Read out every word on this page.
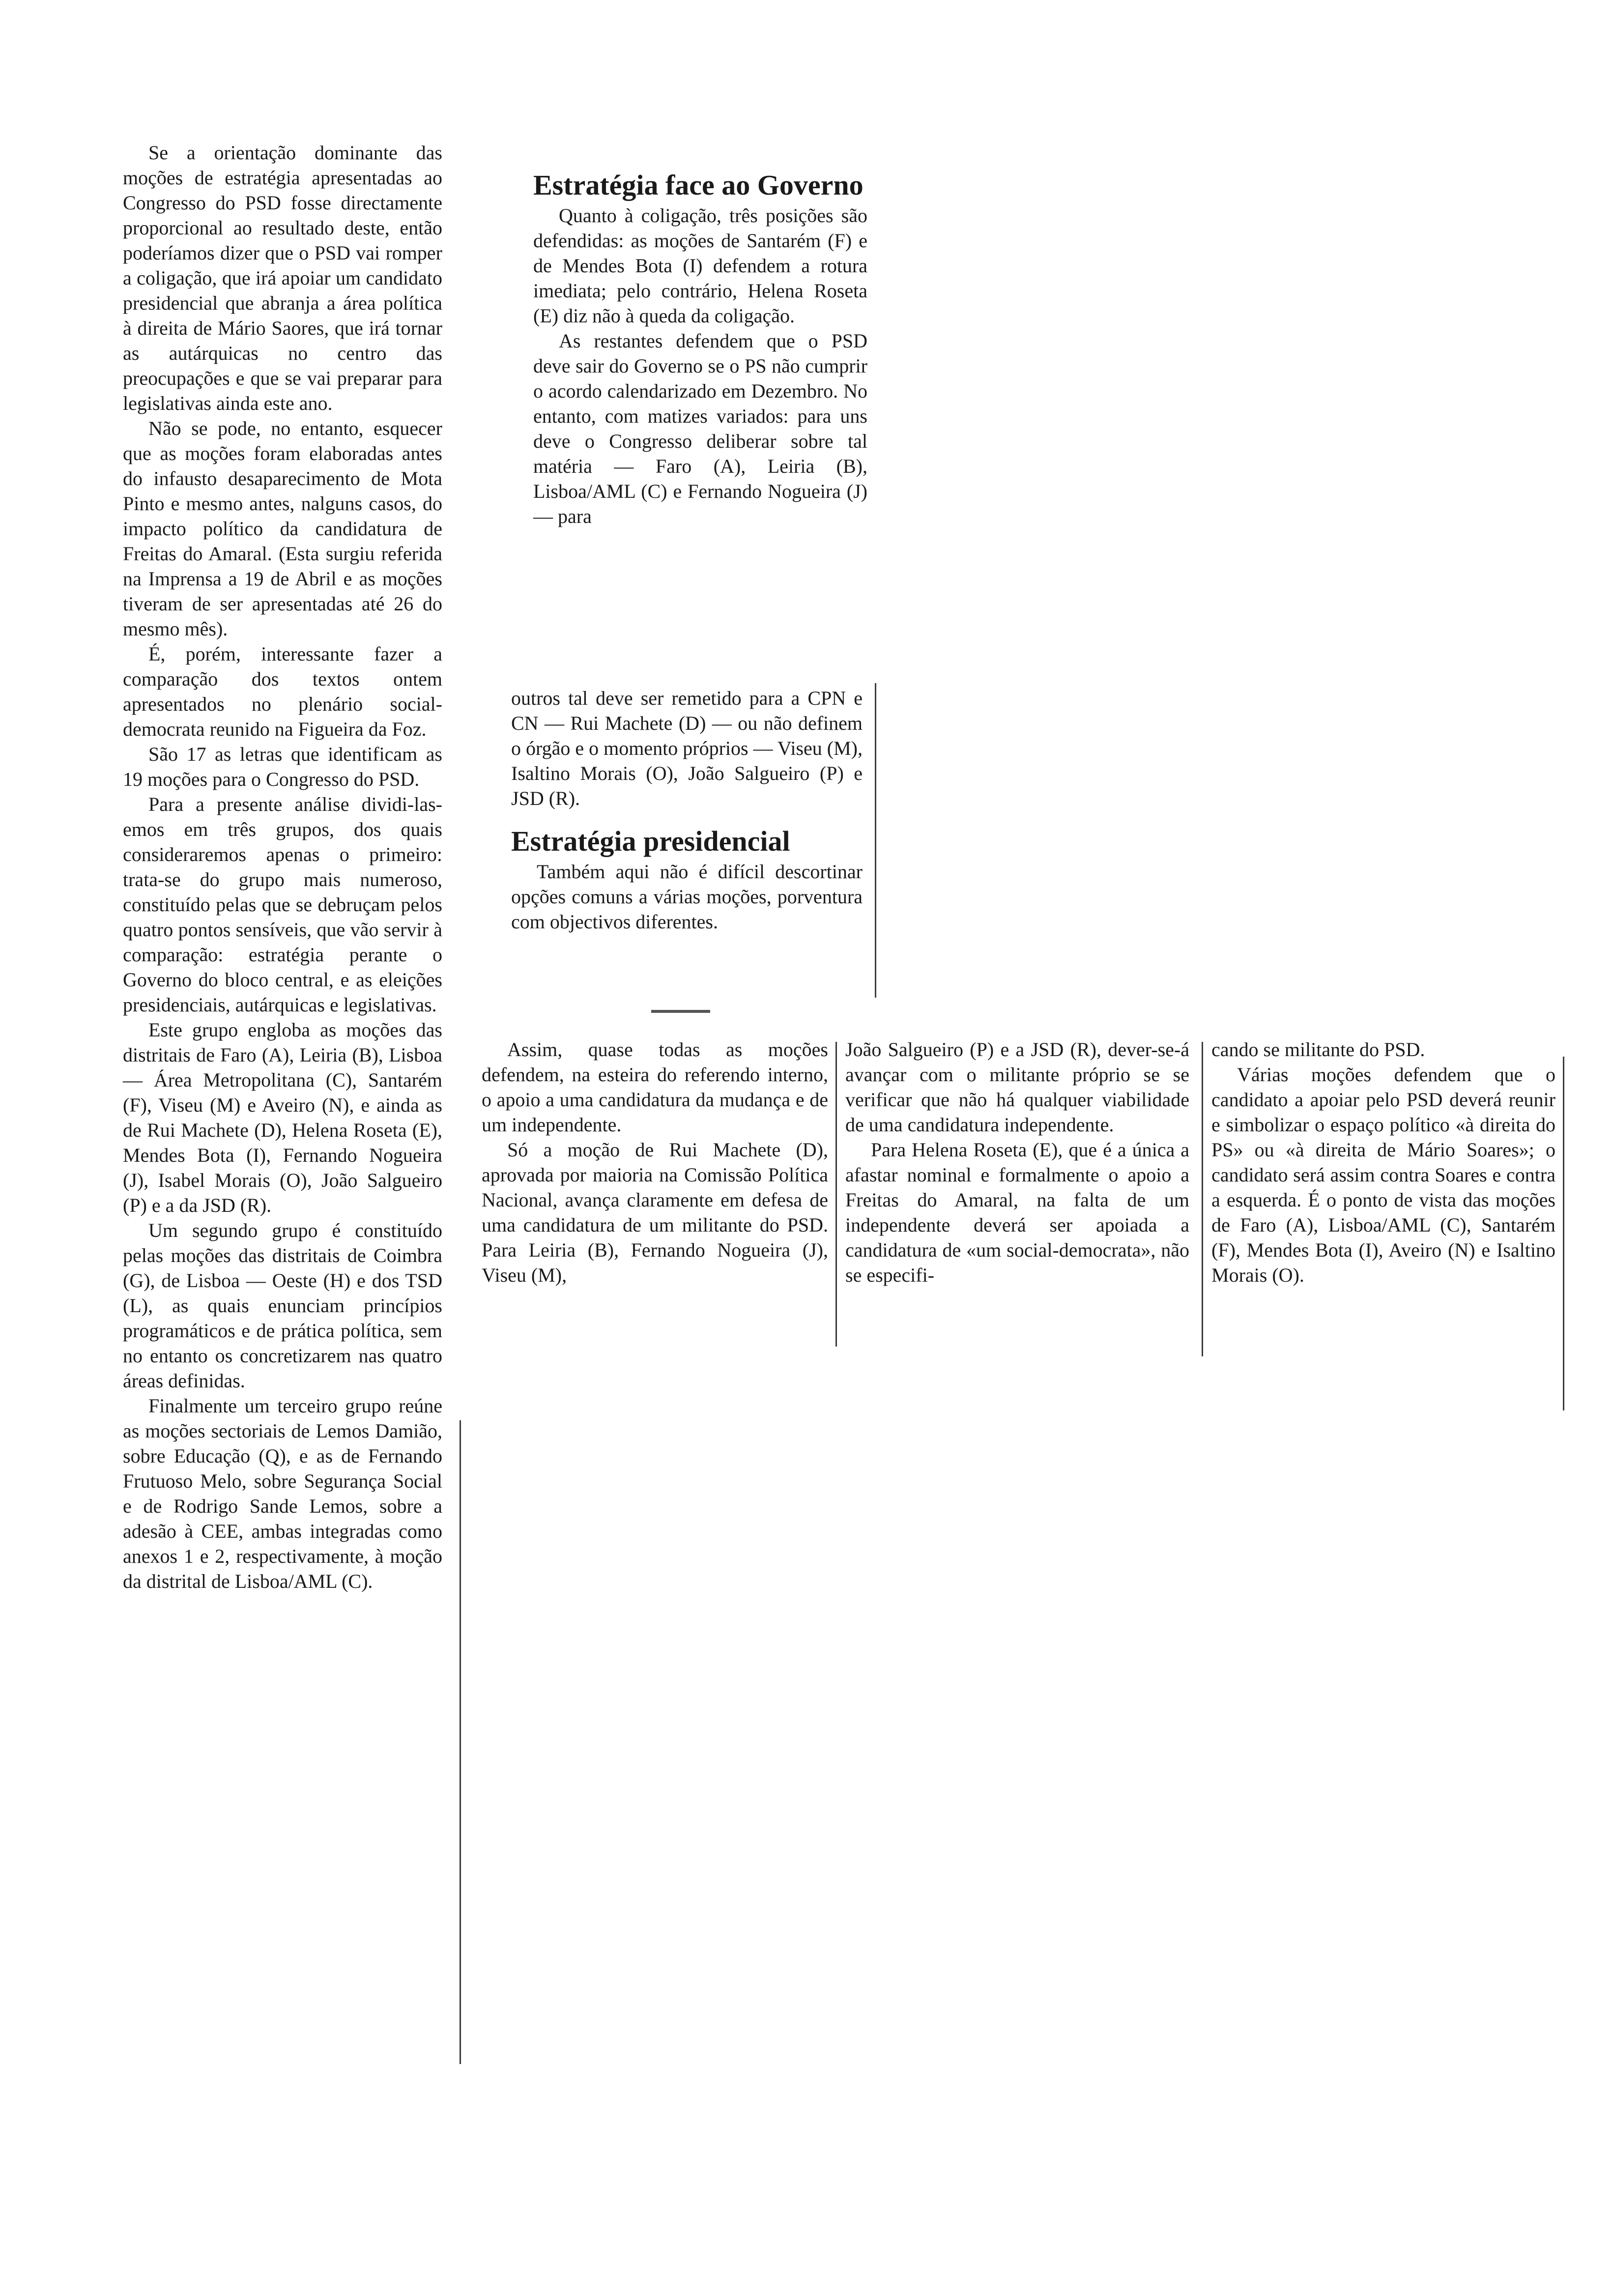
Se a orientação dominante das moções de estratégia apresentadas ao Congresso do PSD fosse directamente proporcional ao resultado deste, então poderíamos dizer que o PSD vai romper a coligação, que irá apoiar um candidato presidencial que abranja a área política à direita de Mário Saores, que irá tornar as autárquicas no centro das preocupações e que se vai preparar para legislativas ainda este ano.

Não se pode, no entanto, esquecer que as moções foram elaboradas antes do infausto desaparecimento de Mota Pinto e mesmo antes, nalguns casos, do impacto político da candidatura de Freitas do Amaral. (Esta surgiu referida na Imprensa a 19 de Abril e as moções tiveram de ser apresentadas até 26 do mesmo mês).

É, porém, interessante fazer a comparação dos textos ontem apresentados no plenário social-democrata reunido na Figueira da Foz.

São 17 as letras que identificam as 19 moções para o Congresso do PSD.

Para a presente análise dividi-las-emos em três grupos, dos quais consideraremos apenas o primeiro: trata-se do grupo mais numeroso, constituído pelas que se debruçam pelos quatro pontos sensíveis, que vão servir à comparação: estratégia perante o Governo do bloco central, e as eleições presidenciais, autárquicas e legislativas.

Este grupo engloba as moções das distritais de Faro (A), Leiria (B), Lisboa — Área Metropolitana (C), Santarém (F), Viseu (M) e Aveiro (N), e ainda as de Rui Machete (D), Helena Roseta (E), Mendes Bota (I), Fernando Nogueira (J), Isabel Morais (O), João Salgueiro (P) e a da JSD (R).

Um segundo grupo é constituído pelas moções das distritais de Coimbra (G), de Lisboa — Oeste (H) e dos TSD (L), as quais enunciam princípios programáticos e de prática política, sem no entanto os concretizarem nas quatro áreas definidas.

Finalmente um terceiro grupo reúne as moções sectoriais de Lemos Damião, sobre Educação (Q), e as de Fernando Frutuoso Melo, sobre Segurança Social e de Rodrigo Sande Lemos, sobre a adesão à CEE, ambas integradas como anexos 1 e 2, respectivamente, à moção da distrital de Lisboa/AML (C).

Estratégia face ao Governo

Quanto à coligação, três posições são defendidas: as moções de Santarém (F) e de Mendes Bota (I) defendem a rotura imediata; pelo contrário, Helena Roseta (E) diz não à queda da coligação.

As restantes defendem que o PSD deve sair do Governo se o PS não cumprir o acordo calendarizado em Dezembro. No entanto, com matizes variados: para uns deve o Congresso deliberar sobre tal matéria — Faro (A), Leiria (B), Lisboa/AML (C) e Fernando Nogueira (J) — para

outros tal deve ser remetido para a CPN e CN — Rui Machete (D) — ou não definem o órgão e o momento próprios — Viseu (M), Isaltino Morais (O), João Salgueiro (P) e JSD (R).

Estratégia presidencial

Também aqui não é difícil descortinar opções comuns a várias moções, porventura com objectivos diferentes.

Assim, quase todas as moções defendem, na esteira do referendo interno, o apoio a uma candidatura da mudança e de um independente.

Só a moção de Rui Machete (D), aprovada por maioria na Comissão Política Nacional, avança claramente em defesa de uma candidatura de um militante do PSD. Para Leiria (B), Fernando Nogueira (J), Viseu (M),

João Salgueiro (P) e a JSD (R), dever-se-á avançar com o militante próprio se se verificar que não há qualquer viabilidade de uma candidatura independente.

Para Helena Roseta (E), que é a única a afastar nominal e formalmente o apoio a Freitas do Amaral, na falta de um independente deverá ser apoiada a candidatura de «um social-democrata», não se especifi-

cando se militante do PSD.

Várias moções defendem que o candidato a apoiar pelo PSD deverá reunir e simbolizar o espaço político «à direita do PS» ou «à direita de Mário Soares»; o candidato será assim contra Soares e contra a esquerda. É o ponto de vista das moções de Faro (A), Lisboa/AML (C), Santarém (F), Mendes Bota (I), Aveiro (N) e Isaltino Morais (O).
